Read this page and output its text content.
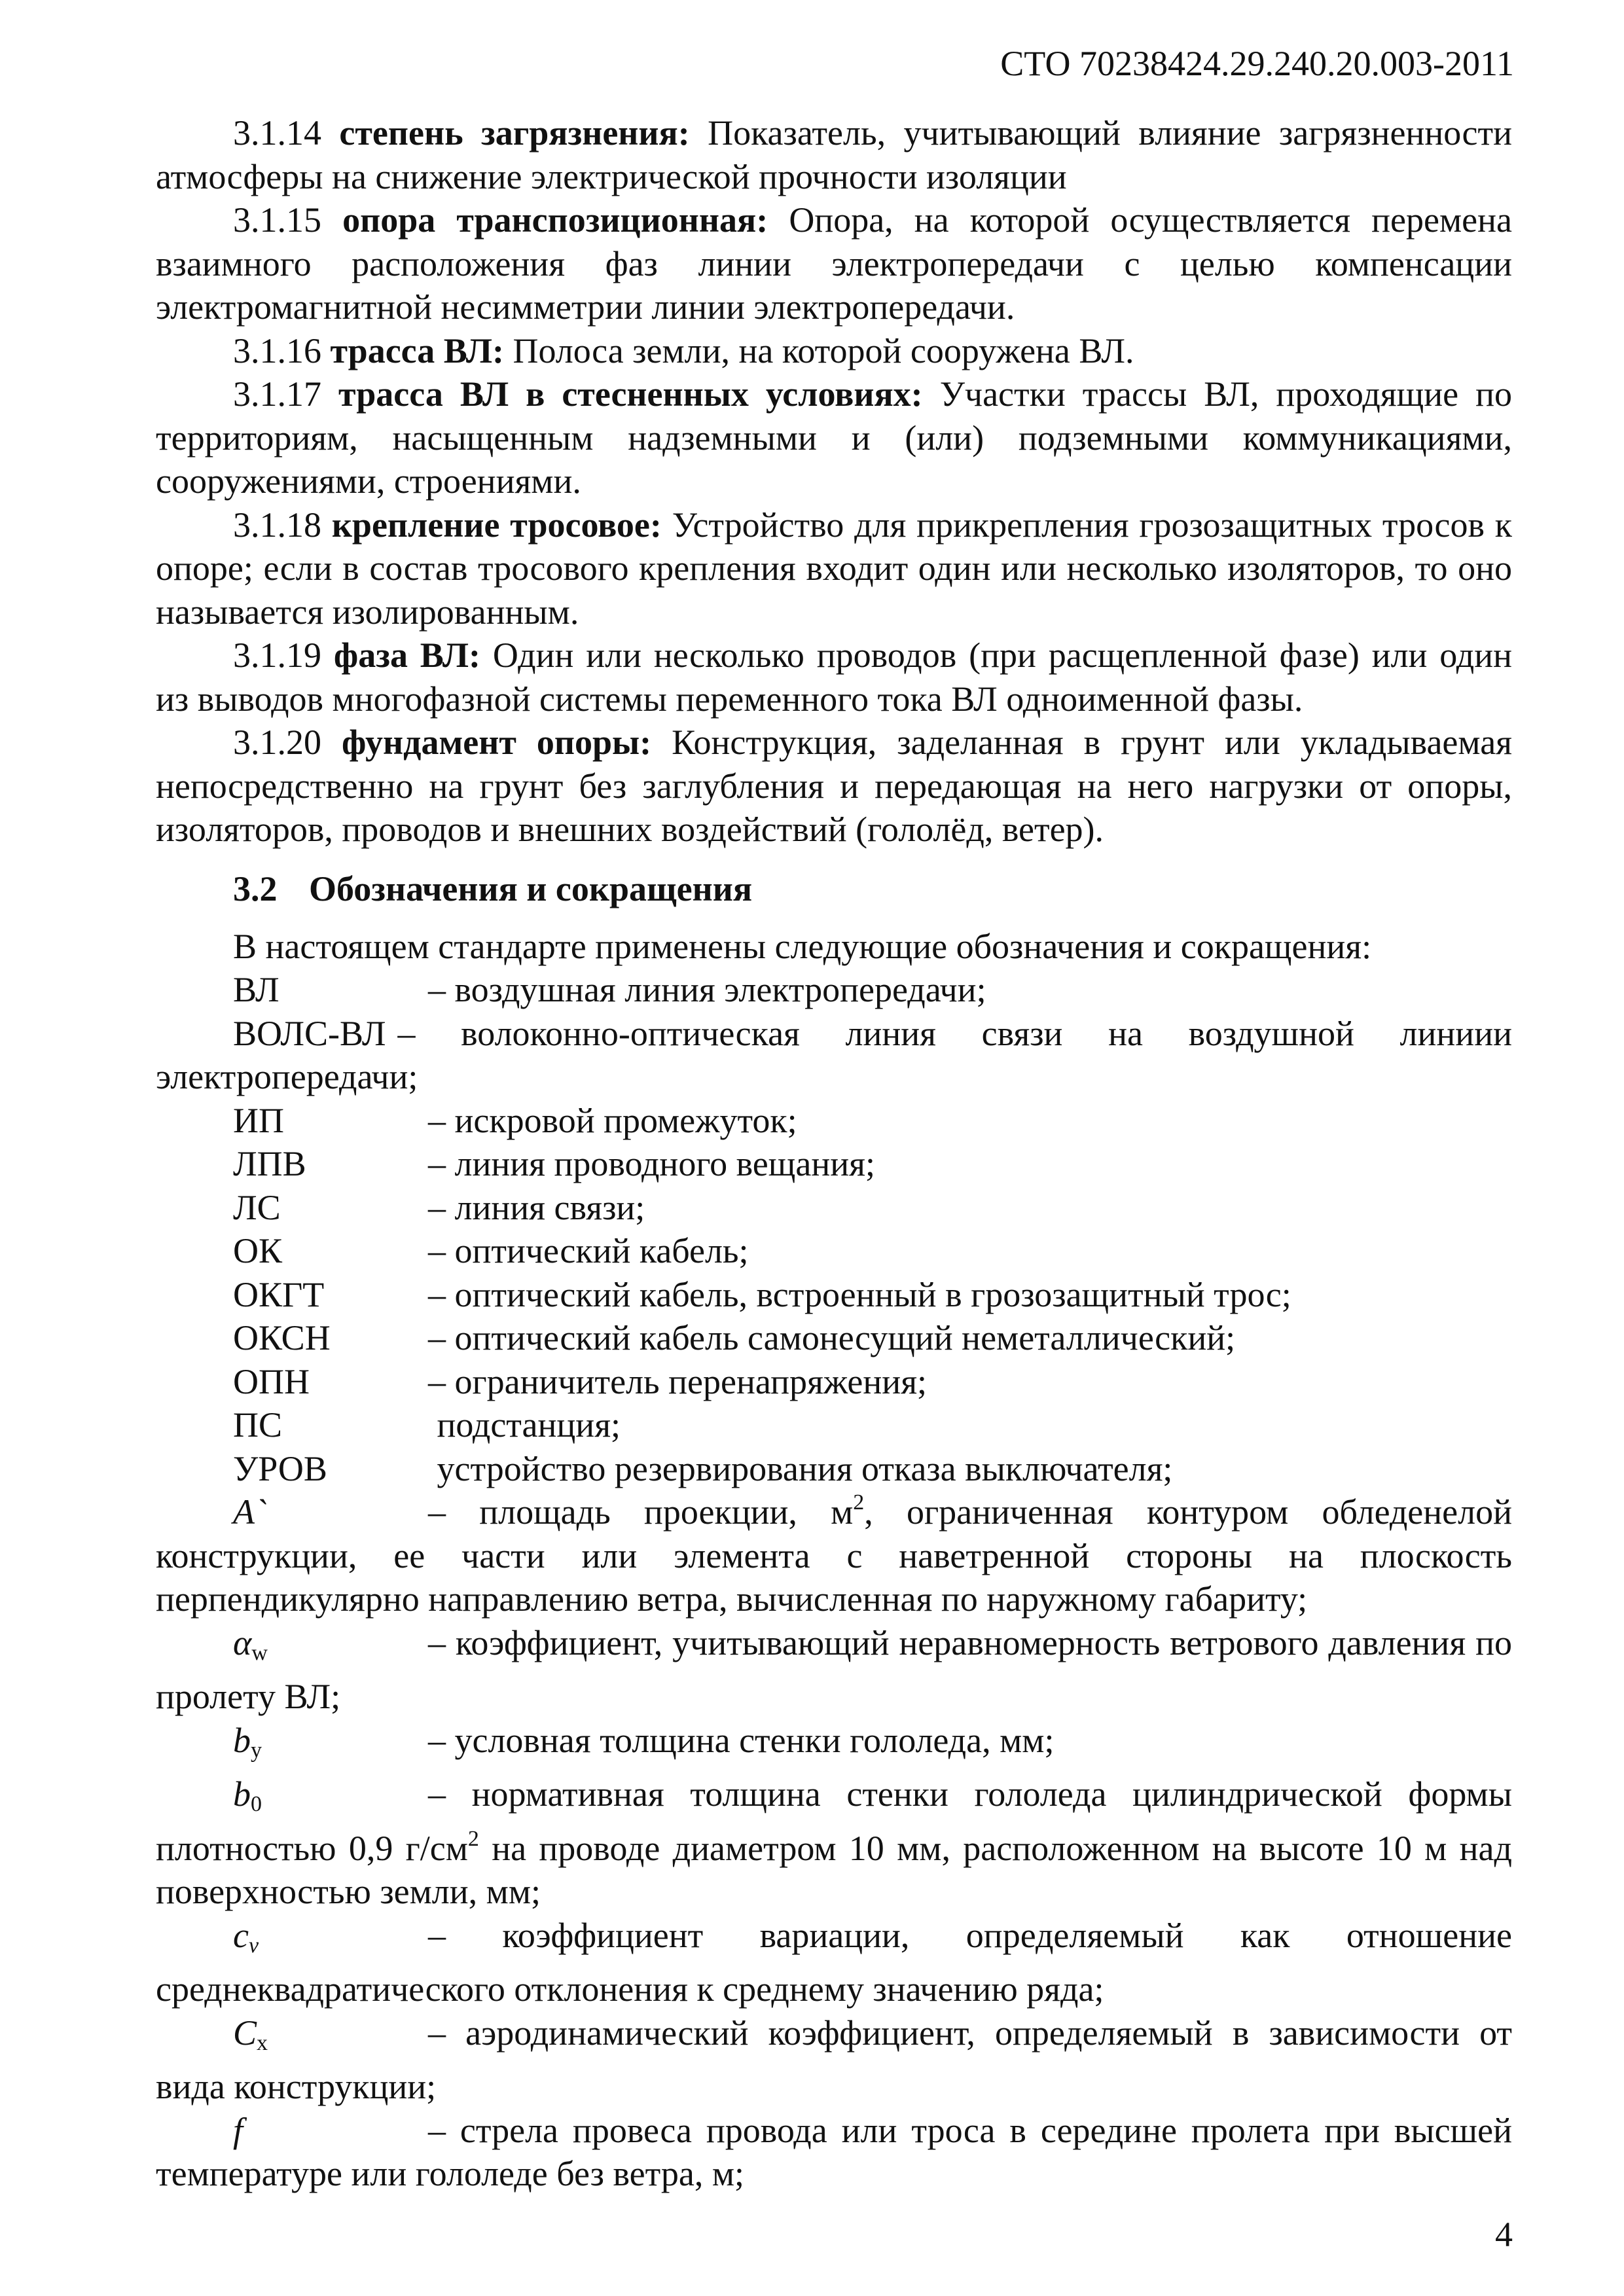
СТО 70238424.29.240.20.003-2011

3.1.14 степень загрязнения: Показатель, учитывающий влияние загрязненности атмосферы на снижение электрической прочности изоляции

3.1.15 опора транспозиционная: Опора, на которой осуществляется перемена взаимного расположения фаз линии электропередачи с целью компенсации электромагнитной несимметрии линии электропередачи.

3.1.16 трасса ВЛ: Полоса земли, на которой сооружена ВЛ.

3.1.17 трасса ВЛ в стесненных условиях: Участки трассы ВЛ, проходящие по территориям, насыщенным надземными и (или) подземными коммуникациями, сооружениями, строениями.

3.1.18 крепление тросовое: Устройство для прикрепления грозозащитных тросов к опоре; если в состав тросового крепления входит один или несколько изоляторов, то оно называется изолированным.

3.1.19 фаза ВЛ: Один или несколько проводов (при расщепленной фазе) или один из выводов многофазной системы переменного тока ВЛ одноименной фазы.

3.1.20 фундамент опоры: Конструкция, заделанная в грунт или укладываемая непосредственно на грунт без заглубления и передающая на него нагрузки от опоры, изоляторов, проводов и внешних воздействий (гололёд, ветер).

3.2 Обозначения и сокращения

В настоящем стандарте применены следующие обозначения и сокращения:

ВЛ	– воздушная линия электропередачи;

ВОЛС-ВЛ – волоконно-оптическая линия связи на воздушной линиии электропередачи;

ИП	– искровой промежуток;

ЛПВ	– линия проводного вещания;

ЛС	– линия связи;

ОК	– оптический кабель;

ОКГТ	– оптический кабель, встроенный в грозозащитный трос;

ОКСН	– оптический кабель самонесущий неметаллический;

ОПН	– ограничитель перенапряжения;

ПС	подстанция;

УРОВ	устройство резервирования отказа выключателя;

A`	– площадь проекции, $м^2$, ограниченная контуром обледенелой конструкции, ее части или элемента с наветренной стороны на плоскость перпендикулярно направлению ветра, вычисленная по наружному габариту;

αw	– коэффициент, учитывающий неравномерность ветрового давления по пролету ВЛ;

bу	– условная толщина стенки гололеда, мм;

b0	– нормативная толщина стенки гололеда цилиндрической формы плотностью 0,9 $г/см^2$ на проводе диаметром 10 мм, расположенном на высоте 10 м над поверхностью земли, мм;

cv	– коэффициент вариации, определяемый как отношение среднеквадратического отклонения к среднему значению ряда;

Cx	– аэродинамический коэффициент, определяемый в зависимости от вида конструкции;

f	– стрела провеса провода или троса в середине пролета при высшей температуре или гололеде без ветра, м;

4
